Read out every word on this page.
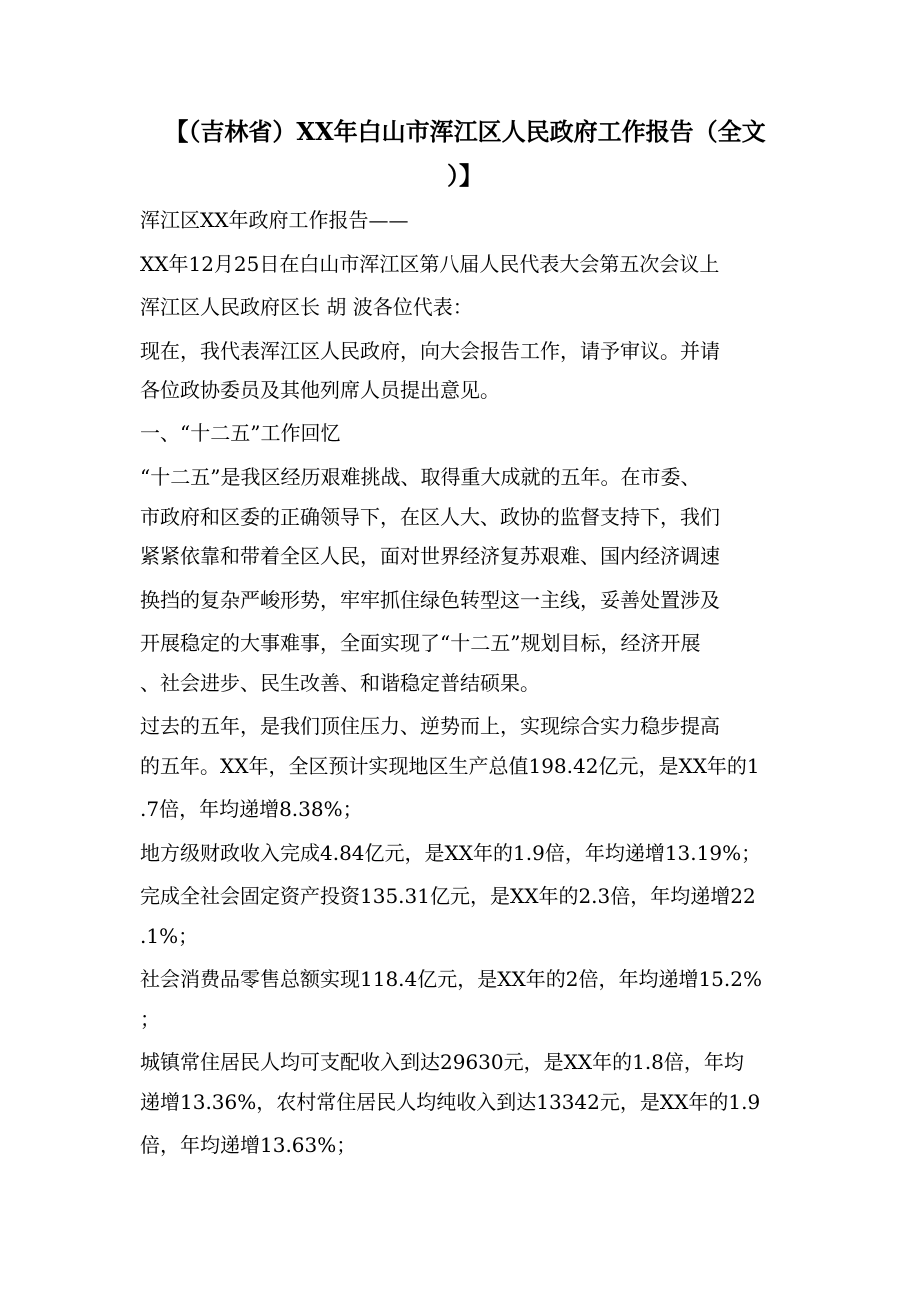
【（吉林省）XX年白山市浑江区人民政府工作报告（全文
）】
浑江区XX年政府工作报告——
XX年12月25日在白山市浑江区第八届人民代表大会第五次会议上
浑江区人民政府区长 胡 波各位代表：
现在，我代表浑江区人民政府，向大会报告工作，请予审议。并请
各位政协委员及其他列席人员提出意见。
一、“十二五”工作回忆
“十二五”是我区经历艰难挑战、取得重大成就的五年。在市委、
市政府和区委的正确领导下，在区人大、政协的监督支持下，我们
紧紧依靠和带着全区人民，面对世界经济复苏艰难、国内经济调速
换挡的复杂严峻形势，牢牢抓住绿色转型这一主线，妥善处置涉及
开展稳定的大事难事，全面实现了“十二五”规划目标，经济开展
、社会进步、民生改善、和谐稳定普结硕果。
过去的五年，是我们顶住压力、逆势而上，实现综合实力稳步提高
的五年。XX年，全区预计实现地区生产总值198.42亿元，是XX年的1
.7倍，年均递增8.38%；
地方级财政收入完成4.84亿元，是XX年的1.9倍，年均递增13.19%；
完成全社会固定资产投资135.31亿元，是XX年的2.3倍，年均递增22
.1%；
社会消费品零售总额实现118.4亿元，是XX年的2倍，年均递增15.2%
；
城镇常住居民人均可支配收入到达29630元，是XX年的1.8倍，年均
递增13.36%，农村常住居民人均纯收入到达13342元，是XX年的1.9
倍，年均递增13.63%；
